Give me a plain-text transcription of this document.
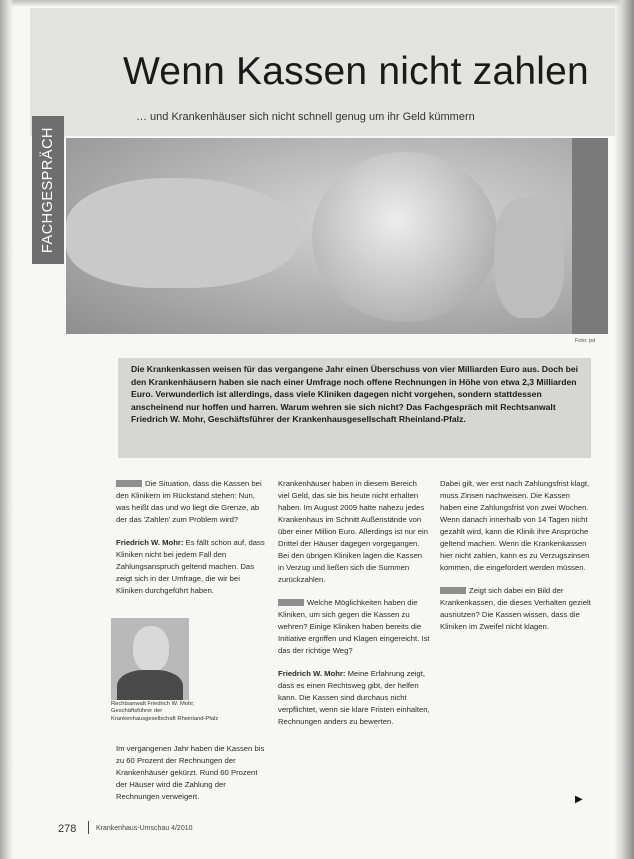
Wenn Kassen nicht zahlen
… und Krankenhäuser sich nicht schnell genug um ihr Geld kümmern
Foto: pd
FACHGESPRÄCH
Die Krankenkassen weisen für das vergangene Jahr einen Überschuss von vier Milliarden Euro aus. Doch bei den Krankenhäusern haben sie nach einer Umfrage noch offene Rechnungen in Höhe von etwa 2,3 Milliarden Euro. Verwunderlich ist allerdings, dass viele Kliniken dagegen nicht vorgehen, sondern stattdessen anscheinend nur hoffen und harren. Warum wehren sie sich nicht? Das Fachgespräch mit Rechtsanwalt Friedrich W. Mohr, Geschäftsführer der Krankenhausgesellschaft Rheinland-Pfalz.

Die Situation, dass die Kassen bei den Klinikern im Rückstand stehen: Nun, was heißt das und wo liegt die Grenze, ab der das 'Zahlen' zum Problem wird?

Friedrich W. Mohr: Es fällt schon auf, dass Kliniken nicht bei jedem Fall den Zahlungsanspruch geltend machen. Das zeigt sich in der Umfrage, die wir bei Kliniken durchgeführt haben.

Rechtsanwalt Friedrich W. Mohr, Geschäftsführer der Krankenhausgesellschaft Rheinland-Pfalz
Im vergangenen Jahr haben die Kassen bis zu 60 Prozent der Rechnungen der Krankenhäuser gekürzt. Rund 60 Prozent der Häuser wird die Zahlung der Rechnungen verweigert.

Krankenhäuser haben in diesem Bereich viel Geld, das sie bis heute nicht erhalten haben. Im August 2009 hatte nahezu jedes Krankenhaus im Schnitt Außenstände von über einer Million Euro. Allerdings ist nur ein Drittel der Häuser dagegen vorgegangen. Bei den übrigen Kliniken lagen die Kassen in Verzug und ließen sich die Summen zurückzahlen.

Welche Möglichkeiten haben die Kliniken, um sich gegen die Kassen zu wehren? Einige Kliniken haben bereits die Initiative ergriffen und Klagen eingereicht. Ist das der richtige Weg?

Friedrich W. Mohr: Meine Erfahrung zeigt, dass es einen Rechtsweg gibt, der helfen kann. Die Kassen sind durchaus nicht verpflichtet, wenn sie klare Fristen einhalten, Rechnungen anders zu bewerten.

Dabei gilt, wer erst nach Zahlungsfrist klagt, muss Zinsen nachweisen. Die Kassen haben eine Zahlungsfrist von zwei Wochen. Wenn danach innerhalb von 14 Tagen nicht gezahlt wird, kann die Klinik ihre Ansprüche geltend machen. Wenn die Krankenkassen hier nicht zahlen, kann es zu Verzugszinsen kommen, die eingefordert werden müssen.

Zeigt sich dabei ein Bild der Krankenkassen, die dieses Verhalten gezielt ausnutzen? Die Kassen wissen, dass die Kliniken im Zweifel nicht klagen.

▶
278	Krankenhaus-Umschau 4/2010
